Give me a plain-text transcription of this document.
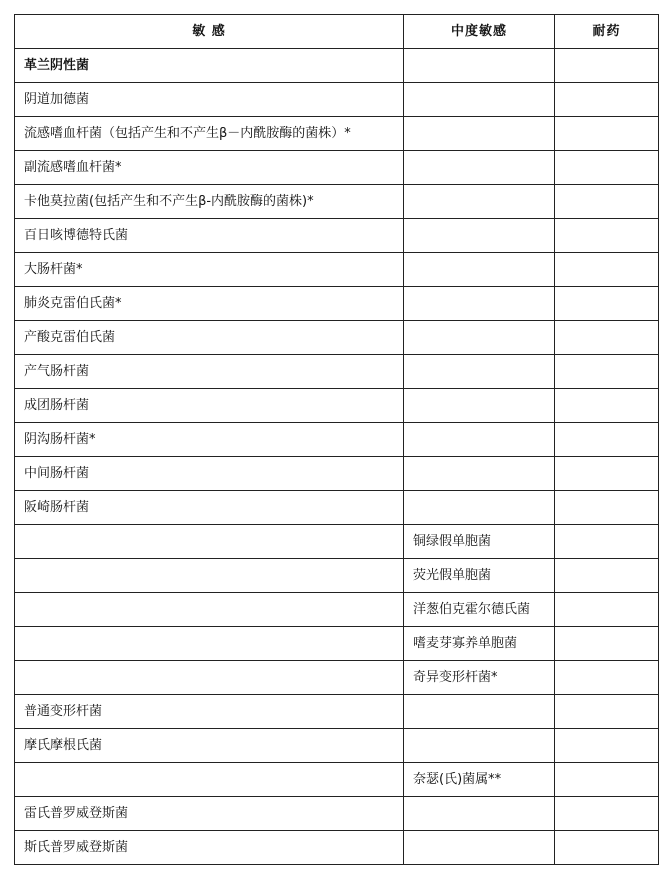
敏 感	中度敏感	耐药
革兰阴性菌		
阴道加德菌		
流感嗜血杆菌（包括产生和不产生β－内酰胺酶的菌株）*		
副流感嗜血杆菌*		
卡他莫拉菌(包括产生和不产生β-内酰胺酶的菌株)*		
百日咳博德特氏菌		
大肠杆菌*		
肺炎克雷伯氏菌*		
产酸克雷伯氏菌		
产气肠杆菌		
成团肠杆菌		
阴沟肠杆菌*		
中间肠杆菌		
阪崎肠杆菌		
	铜绿假单胞菌	
	荧光假单胞菌	
	洋葱伯克霍尔德氏菌	
	嗜麦芽寡养单胞菌	
	奇异变形杆菌*	
普通变形杆菌		
摩氏摩根氏菌		
	奈瑟(氏)菌属**	
雷氏普罗威登斯菌		
斯氏普罗威登斯菌		
